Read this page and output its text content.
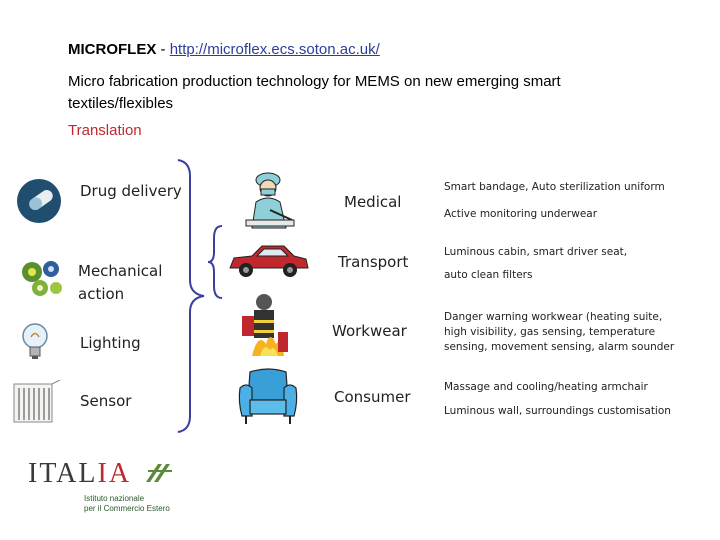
MICROFLEX - http://microflex.ecs.soton.ac.uk/
Micro fabrication production technology for MEMS on new emerging smart
textiles/flexibles
Translation
Drug delivery
Mechanical
action
Lighting
Sensor
Medical
Transport
Workwear
Consumer
Smart bandage, Auto sterilization uniform
Active monitoring underwear
Luminous cabin, smart driver seat,
auto clean filters
Danger warning workwear (heating suite,
high visibility, gas sensing, temperature
sensing, movement sensing, alarm sounder
Massage and cooling/heating armchair
Luminous wall, surroundings customisation
ITALIA
Istituto nazionale
per il Commercio Estero
